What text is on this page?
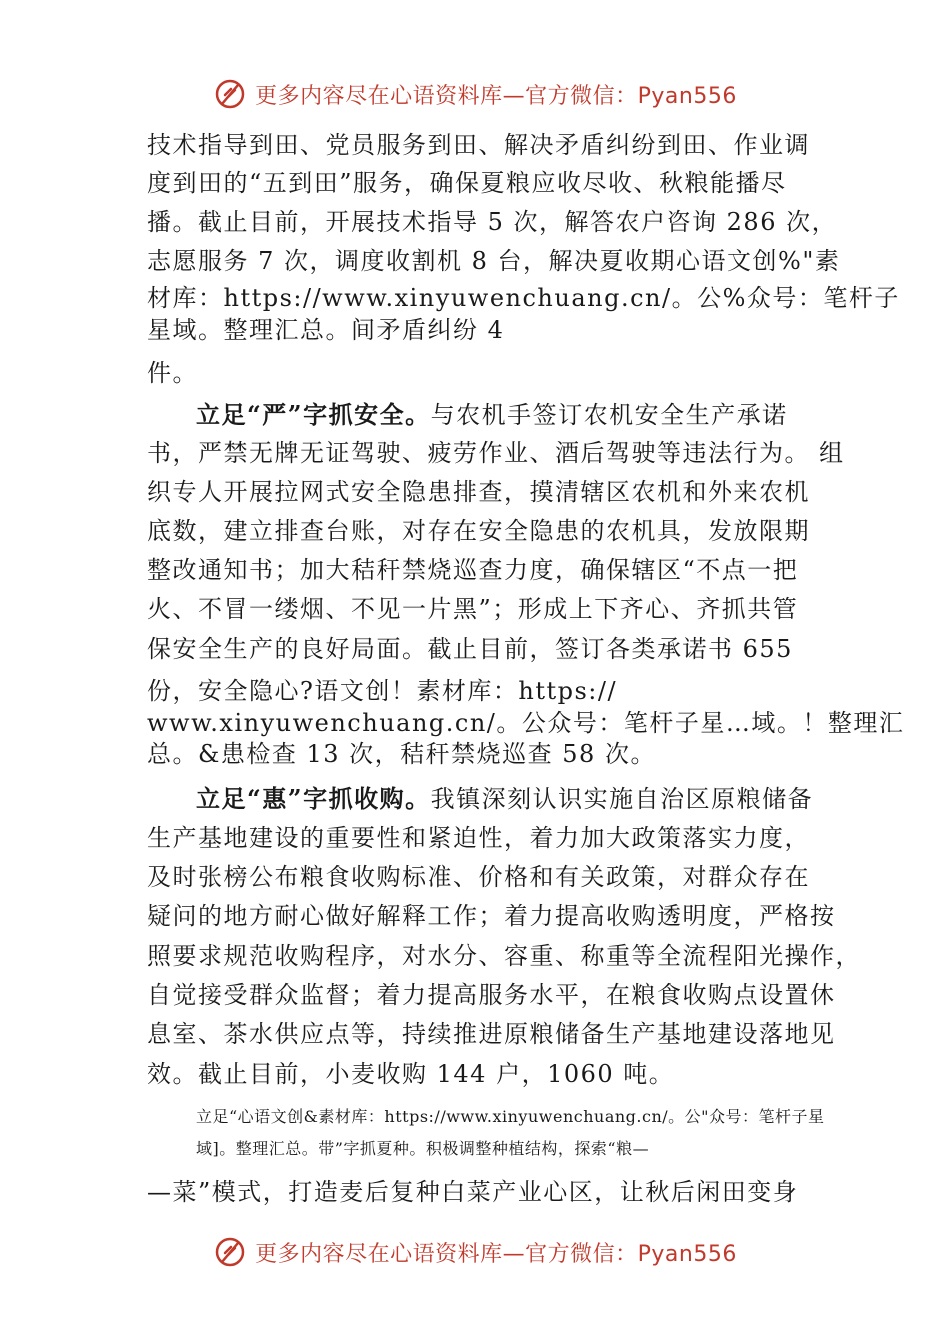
更多内容尽在心语资料库—官方微信：Pyan556
技术指导到田、党员服务到田、解决矛盾纠纷到田、作业调
度到田的“五到田”服务，确保夏粮应收尽收、秋粮能播尽
播。截止目前，开展技术指导 5 次，解答农户咨询 286 次，
志愿服务 7 次，调度收割机 8 台，解决夏收期心语文创%"素
材库：https://www.xinyuwenchuang.cn/。公%众号：笔杆子
星域。整理汇总。间矛盾纠纷 4
件。
立足“严”字抓安全。与农机手签订农机安全生产承诺
书，严禁无牌无证驾驶、疲劳作业、酒后驾驶等违法行为。 组
织专人开展拉网式安全隐患排查，摸清辖区农机和外来农机
底数，建立排查台账，对存在安全隐患的农机具，发放限期
整改通知书；加大秸秆禁烧巡查力度，确保辖区“不点一把
火、不冒一缕烟、不见一片黑”；形成上下齐心、齐抓共管
保安全生产的良好局面。截止目前，签订各类承诺书 655
份，安全隐心?语文创！素材库：https://
www.xinyuwenchuang.cn/。公众号：笔杆子星…域。！整理汇
总。&患检查 13 次，秸秆禁烧巡查 58 次。
立足“惠”字抓收购。我镇深刻认识实施自治区原粮储备
生产基地建设的重要性和紧迫性，着力加大政策落实力度，
及时张榜公布粮食收购标准、价格和有关政策，对群众存在
疑问的地方耐心做好解释工作；着力提高收购透明度，严格按
照要求规范收购程序，对水分、容重、称重等全流程阳光操作，
自觉接受群众监督；着力提高服务水平，在粮食收购点设置休
息室、茶水供应点等，持续推进原粮储备生产基地建设落地见
效。截止目前，小麦收购 144 户，1060 吨。
立足“心语文创&素材库：https://www.xinyuwenchuang.cn/。公"众号：笔杆子星
域]。整理汇总。带”字抓夏种。积极调整种植结构，探索“粮—
—菜”模式，打造麦后复种白菜产业心区，让秋后闲田变身
更多内容尽在心语资料库—官方微信：Pyan556
